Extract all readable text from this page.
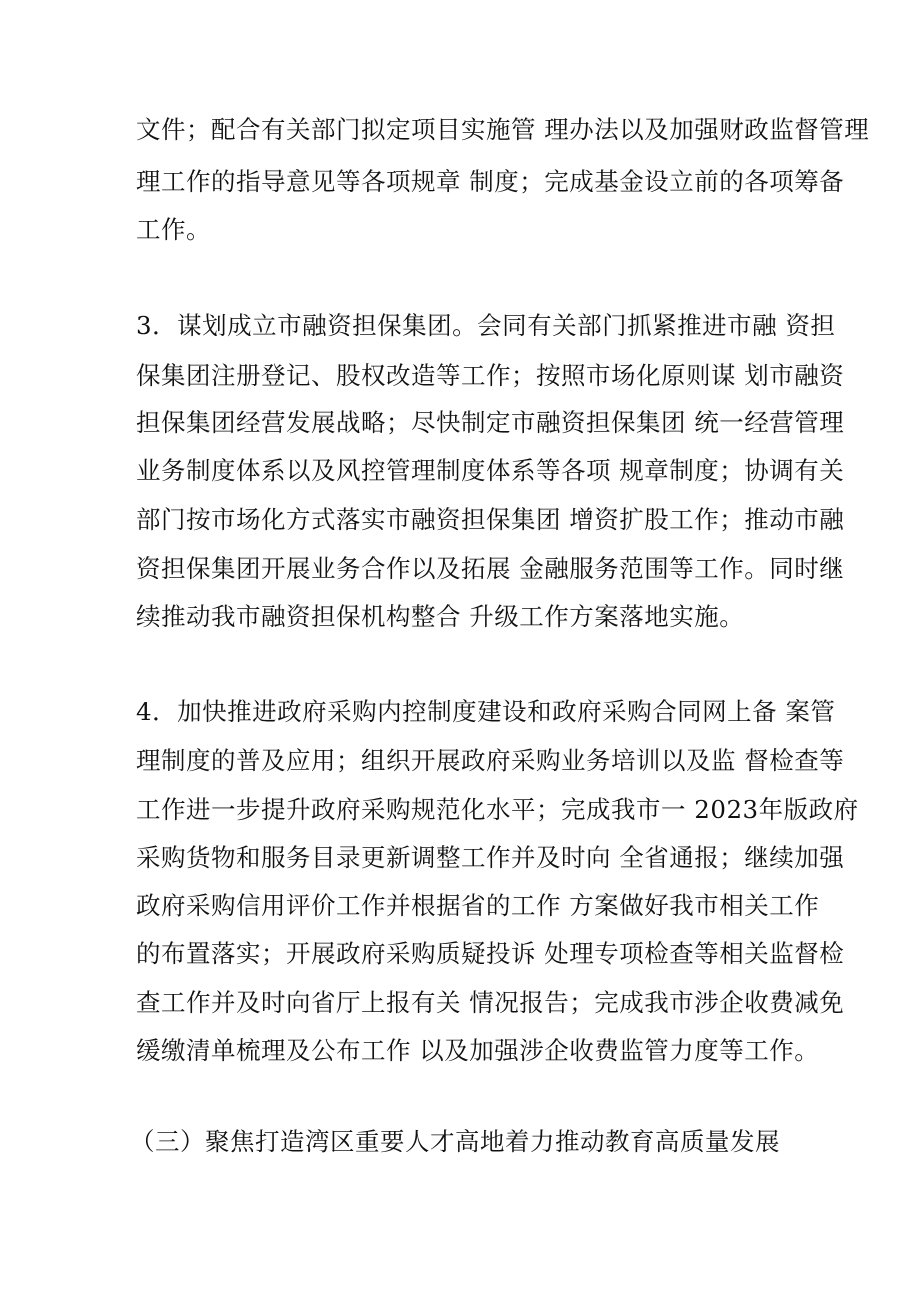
文件；配合有关部门拟定项目实施管 理办法以及加强财政监督管理
理工作的指导意见等各项规章 制度；完成基金设立前的各项筹备
工作。
3．谋划成立市融资担保集团。会同有关部门抓紧推进市融 资担
保集团注册登记、股权改造等工作；按照市场化原则谋 划市融资
担保集团经营发展战略；尽快制定市融资担保集团 统一经营管理
业务制度体系以及风控管理制度体系等各项 规章制度；协调有关
部门按市场化方式落实市融资担保集团 增资扩股工作；推动市融
资担保集团开展业务合作以及拓展 金融服务范围等工作。同时继
续推动我市融资担保机构整合 升级工作方案落地实施。
4．加快推进政府采购内控制度建设和政府采购合同网上备 案管
理制度的普及应用；组织开展政府采购业务培训以及监 督检查等
工作进一步提升政府采购规范化水平；完成我市一 2023年版政府
采购货物和服务目录更新调整工作并及时向 全省通报；继续加强
政府采购信用评价工作并根据省的工作 方案做好我市相关工作
的布置落实；开展政府采购质疑投诉 处理专项检查等相关监督检
查工作并及时向省厅上报有关 情况报告；完成我市涉企收费减免
缓缴清单梳理及公布工作 以及加强涉企收费监管力度等工作。
（三）聚焦打造湾区重要人才高地着力推动教育高质量发展
